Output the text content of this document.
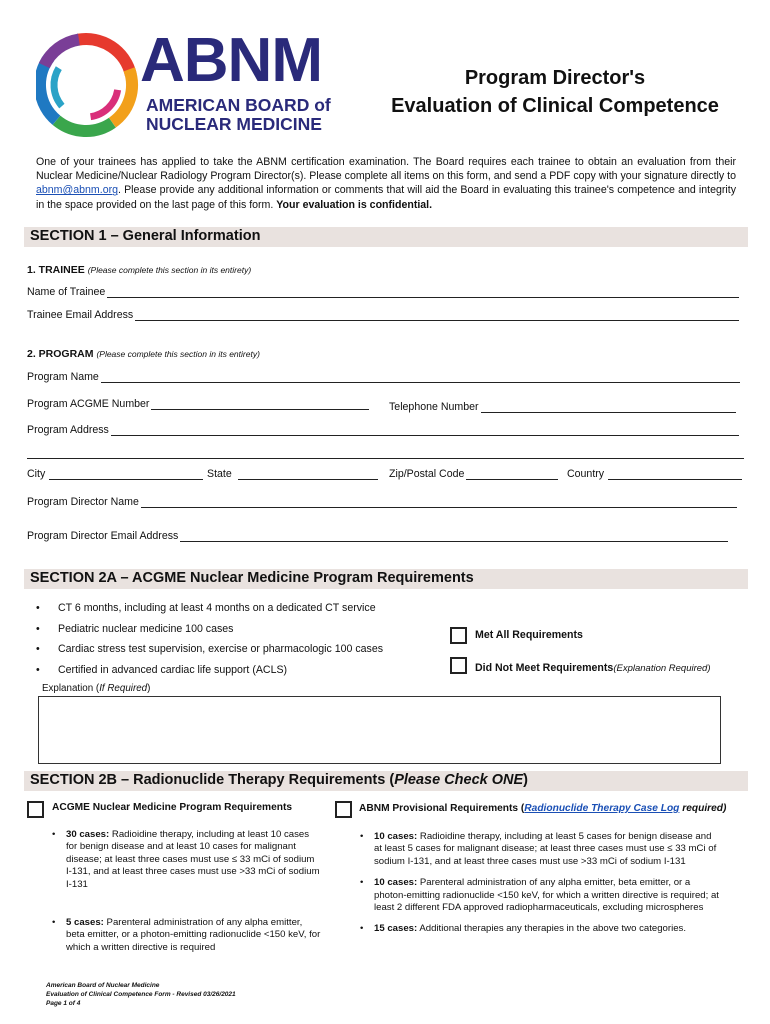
ABNM
AMERICAN BOARD of
NUCLEAR MEDICINE
Program Director's
Evaluation of Clinical Competence
One of your trainees has applied to take the ABNM certification examination. The Board requires each trainee to obtain an evaluation from their Nuclear Medicine/Nuclear Radiology Program Director(s). Please complete all items on this form, and send a PDF copy with your signature directly to abnm@abnm.org. Please provide any additional information or comments that will aid the Board in evaluating this trainee's competence and integrity in the space provided on the last page of this form. Your evaluation is confidential.
SECTION 1 – General Information
1. TRAINEE (Please complete this section in its entirety)
Name of Trainee
Trainee Email Address
2. PROGRAM (Please complete this section in its entirety)
Program Name
Program ACGME Number	Telephone Number
Program Address
City	State	Zip/Postal Code	Country
Program Director Name
Program Director Email Address
SECTION 2A – ACGME Nuclear Medicine Program Requirements
• CT 6 months, including at least 4 months on a dedicated CT service
• Pediatric nuclear medicine 100 cases
• Cardiac stress test supervision, exercise or pharmacologic 100 cases
• Certified in advanced cardiac life support (ACLS)
Met All Requirements
Did Not Meet Requirements(Explanation Required)
Explanation (If Required)
SECTION 2B – Radionuclide Therapy Requirements (Please Check ONE)
ACGME Nuclear Medicine Program Requirements	ABNM Provisional Requirements (Radionuclide Therapy Case Log required)
• 30 cases: Radioidine therapy, including at least 10 cases for benign disease and at least 10 cases for malignant disease; at least three cases must use ≤ 33 mCi of sodium I-131, and at least three cases must use >33 mCi of sodium I-131
• 5 cases: Parenteral administration of any alpha emitter, beta emitter, or a photon-emitting radionuclide <150 keV, for which a written directive is required
• 10 cases: Radioidine therapy, including at least 5 cases for benign disease and at least 5 cases for malignant disease; at least three cases must use ≤ 33 mCi of sodium I-131, and at least three cases must use >33 mCi of sodium I-131
• 10 cases: Parenteral administration of any alpha emitter, beta emitter, or a photon-emitting radionuclide <150 keV, for which a written directive is required; at least 2 different FDA approved radiopharmaceuticals, excluding microspheres
• 15 cases: Additional therapies any therapies in the above two categories.
American Board of Nuclear Medicine
Evaluation of Clinical Competence Form - Revised 03/26/2021
Page 1 of 4
